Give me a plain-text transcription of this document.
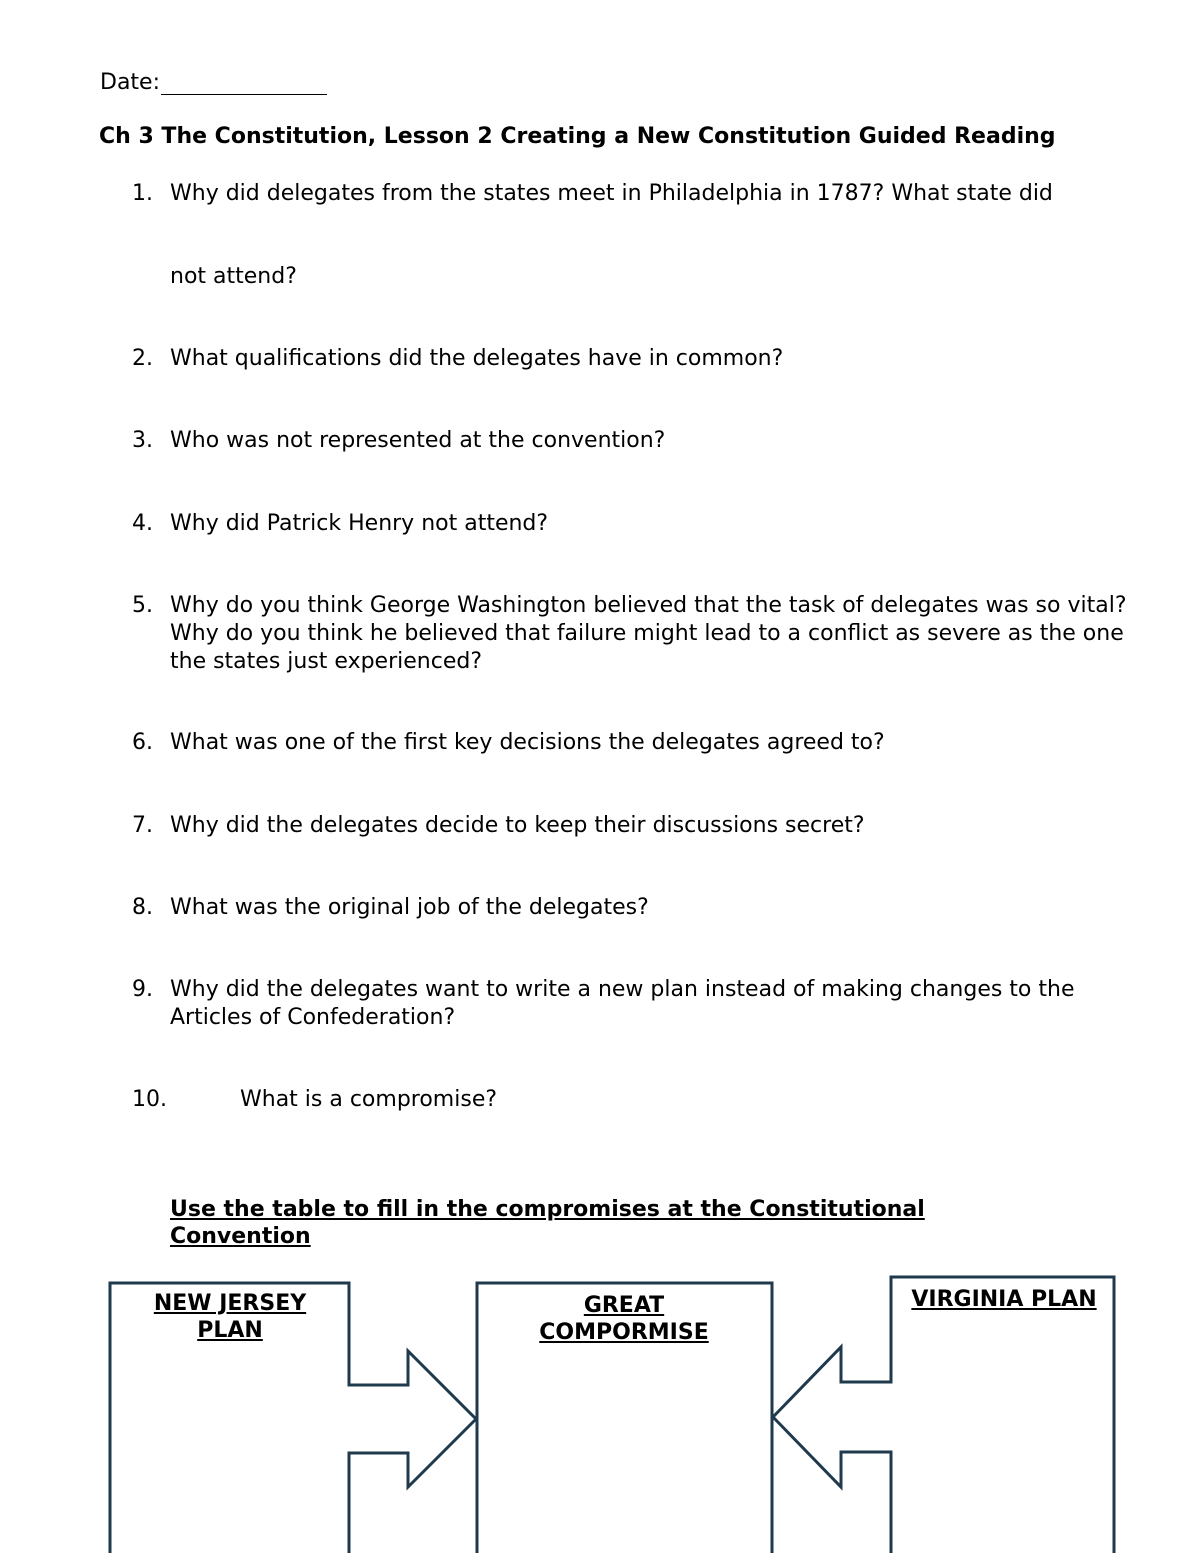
Date:
Ch 3 The Constitution, Lesson 2 Creating a New Constitution Guided Reading
1. Why did delegates from the states meet in Philadelphia in 1787? What state did
not attend?
2. What qualifications did the delegates have in common?
3. Who was not represented at the convention?
4. Why did Patrick Henry not attend?
5. Why do you think George Washington believed that the task of delegates was so vital? Why do you think he believed that failure might lead to a conflict as severe as the one the states just experienced?
6. What was one of the first key decisions the delegates agreed to?
7. Why did the delegates decide to keep their discussions secret?
8. What was the original job of the delegates?
9. Why did the delegates want to write a new plan instead of making changes to the Articles of Confederation?
10.	What is a compromise?
Use the table to fill in the compromises at the Constitutional Convention
NEW JERSEY PLAN
GREAT COMPORMISE
VIRGINIA PLAN
